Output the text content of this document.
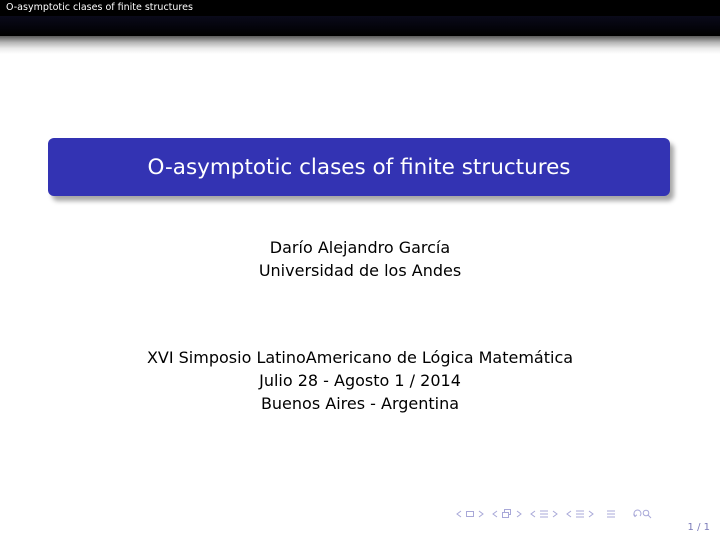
O-asymptotic clases of finite structures
O-asymptotic clases of finite structures
Darío Alejandro García
Universidad de los Andes
XVI Simposio LatinoAmericano de Lógica Matemática
Julio 28 - Agosto 1 / 2014
Buenos Aires - Argentina
1 / 1
